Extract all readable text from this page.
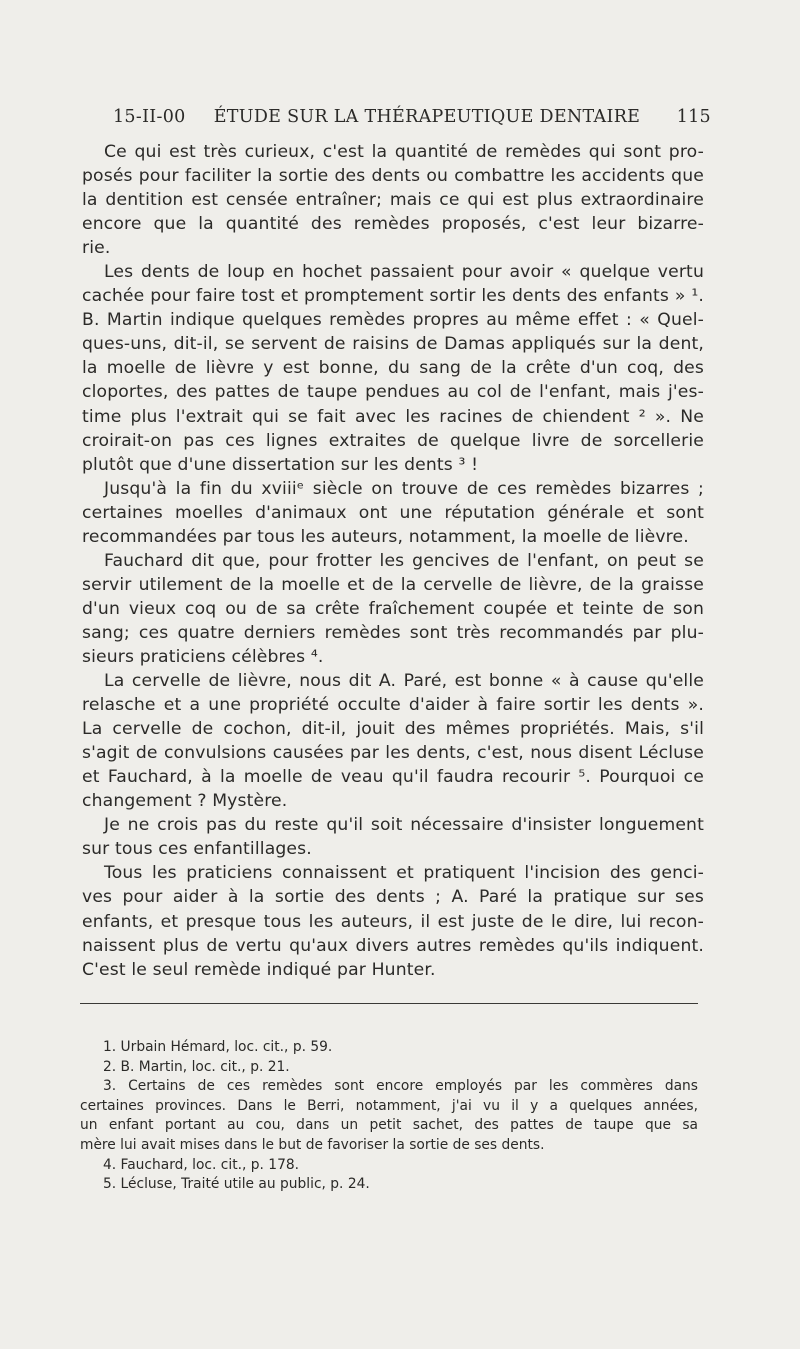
15-II-00	ÉTUDE SUR LA THÉRAPEUTIQUE DENTAIRE	115
Ce qui est très curieux, c'est la quantité de remèdes qui sont pro-
posés pour faciliter la sortie des dents ou combattre les accidents que
la dentition est censée entraîner; mais ce qui est plus extraordinaire
encore que la quantité des remèdes proposés, c'est leur bizarre-
rie.
Les dents de loup en hochet passaient pour avoir « quelque vertu
cachée pour faire tost et promptement sortir les dents des enfants » ¹.
B. Martin indique quelques remèdes propres au même effet : « Quel-
ques-uns, dit-il, se servent de raisins de Damas appliqués sur la dent,
la moelle de lièvre y est bonne, du sang de la crête d'un coq, des
cloportes, des pattes de taupe pendues au col de l'enfant, mais j'es-
time plus l'extrait qui se fait avec les racines de chiendent ² ». Ne
croirait-on pas ces lignes extraites de quelque livre de sorcellerie
plutôt que d'une dissertation sur les dents ³ !
Jusqu'à la fin du xviiiᵉ siècle on trouve de ces remèdes bizarres ;
certaines moelles d'animaux ont une réputation générale et sont
recommandées par tous les auteurs, notamment, la moelle de lièvre.
Fauchard dit que, pour frotter les gencives de l'enfant, on peut se
servir utilement de la moelle et de la cervelle de lièvre, de la graisse
d'un vieux coq ou de sa crête fraîchement coupée et teinte de son
sang; ces quatre derniers remèdes sont très recommandés par plu-
sieurs praticiens célèbres ⁴.
La cervelle de lièvre, nous dit A. Paré, est bonne « à cause qu'elle
relasche et a une propriété occulte d'aider à faire sortir les dents ».
La cervelle de cochon, dit-il, jouit des mêmes propriétés. Mais, s'il
s'agit de convulsions causées par les dents, c'est, nous disent Lécluse
et Fauchard, à la moelle de veau qu'il faudra recourir ⁵. Pourquoi ce
changement ? Mystère.
Je ne crois pas du reste qu'il soit nécessaire d'insister longuement
sur tous ces enfantillages.
Tous les praticiens connaissent et pratiquent l'incision des genci-
ves pour aider à la sortie des dents ; A. Paré la pratique sur ses
enfants, et presque tous les auteurs, il est juste de le dire, lui recon-
naissent plus de vertu qu'aux divers autres remèdes qu'ils indiquent.
C'est le seul remède indiqué par Hunter.
1. Urbain Hémard, loc. cit., p. 59.
2. B. Martin, loc. cit., p. 21.
3. Certains de ces remèdes sont encore employés par les commères dans
certaines provinces. Dans le Berri, notamment, j'ai vu il y a quelques années,
un enfant portant au cou, dans un petit sachet, des pattes de taupe que sa
mère lui avait mises dans le but de favoriser la sortie de ses dents.
4. Fauchard, loc. cit., p. 178.
5. Lécluse, Traité utile au public, p. 24.
